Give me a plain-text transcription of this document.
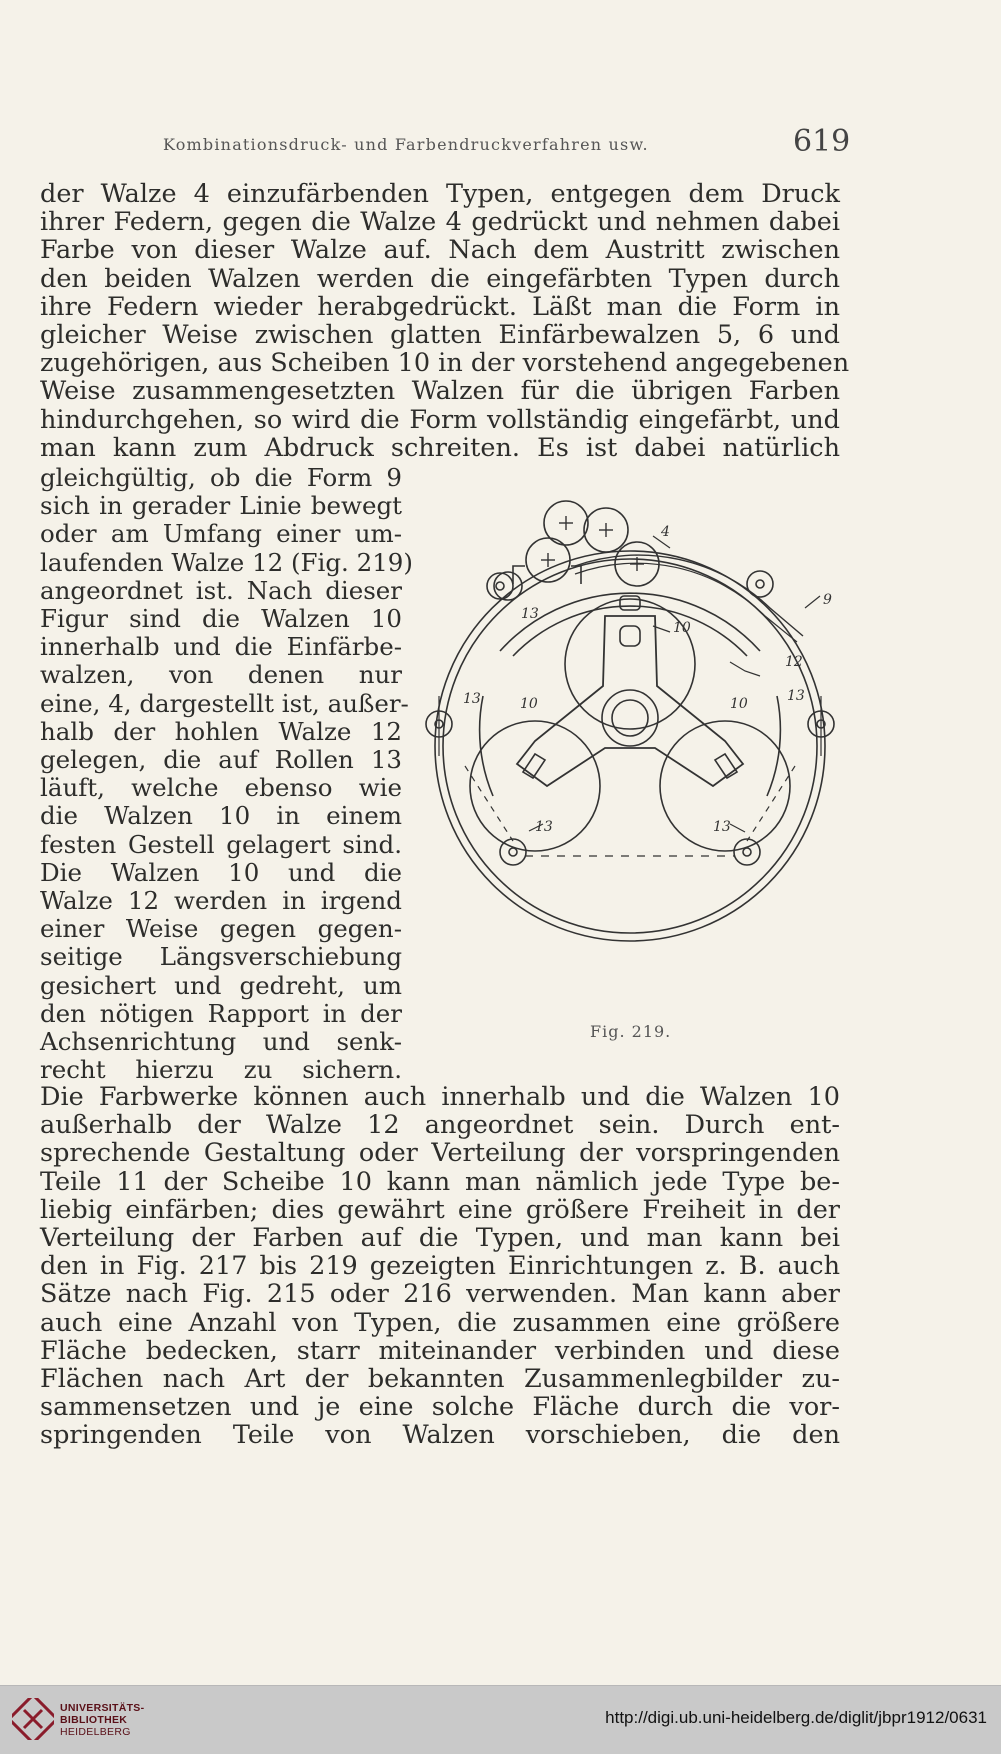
Kombinationsdruck- und Farbendruckverfahren usw.	619
der Walze 4 einzufärbenden Typen, entgegen dem Druck
ihrer Federn, gegen die Walze 4 gedrückt und nehmen dabei
Farbe von dieser Walze auf. Nach dem Austritt zwischen
den beiden Walzen werden die eingefärbten Typen durch
ihre Federn wieder herabgedrückt. Läßt man die Form in
gleicher Weise zwischen glatten Einfärbewalzen 5, 6 und
zugehörigen, aus Scheiben 10 in der vorstehend angegebenen
Weise zusammengesetzten Walzen für die übrigen Farben
hindurchgehen, so wird die Form vollständig eingefärbt, und
man kann zum Abdruck schreiten. Es ist dabei natürlich
gleichgültig, ob die Form 9
sich in gerader Linie bewegt
oder am Umfang einer um-
laufenden Walze 12 (Fig. 219)
angeordnet ist. Nach dieser
Figur sind die Walzen 10
innerhalb und die Einfärbe-
walzen, von denen nur
eine, 4, dargestellt ist, außer-
halb der hohlen Walze 12
gelegen, die auf Rollen 13
läuft, welche ebenso wie
die Walzen 10 in einem
festen Gestell gelagert sind.
Die Walzen 10 und die
Walze 12 werden in irgend
einer Weise gegen gegen-
seitige Längsverschiebung
gesichert und gedreht, um
den nötigen Rapport in der
Achsenrichtung und senk-
recht hierzu zu sichern.
4
9
12
13
13	13
13	13
10
10	10
Fig. 219.
Die Farbwerke können auch innerhalb und die Walzen 10
außerhalb der Walze 12 angeordnet sein. Durch ent-
sprechende Gestaltung oder Verteilung der vorspringenden
Teile 11 der Scheibe 10 kann man nämlich jede Type be-
liebig einfärben; dies gewährt eine größere Freiheit in der
Verteilung der Farben auf die Typen, und man kann bei
den in Fig. 217 bis 219 gezeigten Einrichtungen z. B. auch
Sätze nach Fig. 215 oder 216 verwenden. Man kann aber
auch eine Anzahl von Typen, die zusammen eine größere
Fläche bedecken, starr miteinander verbinden und diese
Flächen nach Art der bekannten Zusammenlegbilder zu-
sammensetzen und je eine solche Fläche durch die vor-
springenden Teile von Walzen vorschieben, die den
UNIVERSITÄTS-
BIBLIOTHEK
HEIDELBERG
http://digi.ub.uni-heidelberg.de/diglit/jbpr1912/0631
